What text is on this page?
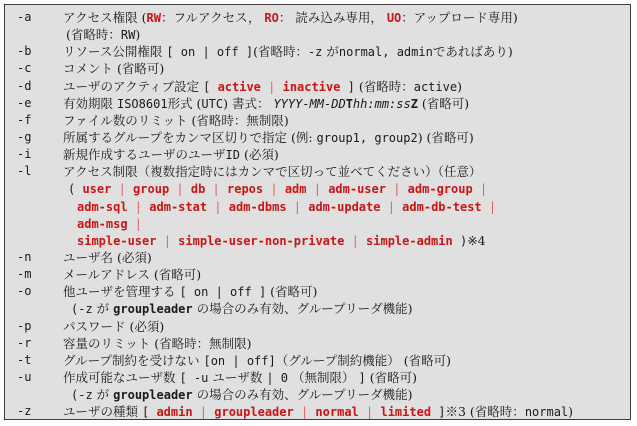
-a	アクセス権限 (RW：フルアクセス， RO： 読み込み専用， UO：アップロード専用)
(省略時：RW)
-b	リソース公開権限 [ on | off ](省略時：-z がnormal, adminであればあり)
-c	コメント (省略可)
-d	ユーザのアクティブ設定 [ active | inactive ] (省略時：active)
-e	有効期限 ISO8601形式 (UTC) 書式： YYYY-MM-DDThh:mm:ssZ (省略可)
-f	ファイル数のリミット (省略時：無制限)
-g	所属するグループをカンマ区切りで指定 (例: group1, group2) (省略可)
-i	新規作成するユーザのユーザID (必須)
-l	アクセス制限（複数指定時にはカンマで区切って並べてください）（任意）
( user | group | db | repos | adm | adm-user | adm-group |
adm-sql | adm-stat | adm-dbms | adm-update | adm-db-test |
adm-msg |
simple-user | simple-user-non-private | simple-admin )※4
-n	ユーザ名 (必須)
-m	メールアドレス (省略可)
-o	他ユーザを管理する [ on | off ] (省略可)
(-z が groupleader の場合のみ有効、グループリーダ機能)
-p	パスワード (必須)
-r	容量のリミット (省略時：無制限)
-t	グループ制約を受けない [on | off]（グループ制約機能） (省略可)
-u	作成可能なユーザ数 [ -u ユーザ数 | 0 （無制限） ] (省略可)
(-z が groupleader の場合のみ有効、グループリーダ機能)
-z	ユーザの種類 [ admin | groupleader | normal | limited ]※3 (省略時：normal)
